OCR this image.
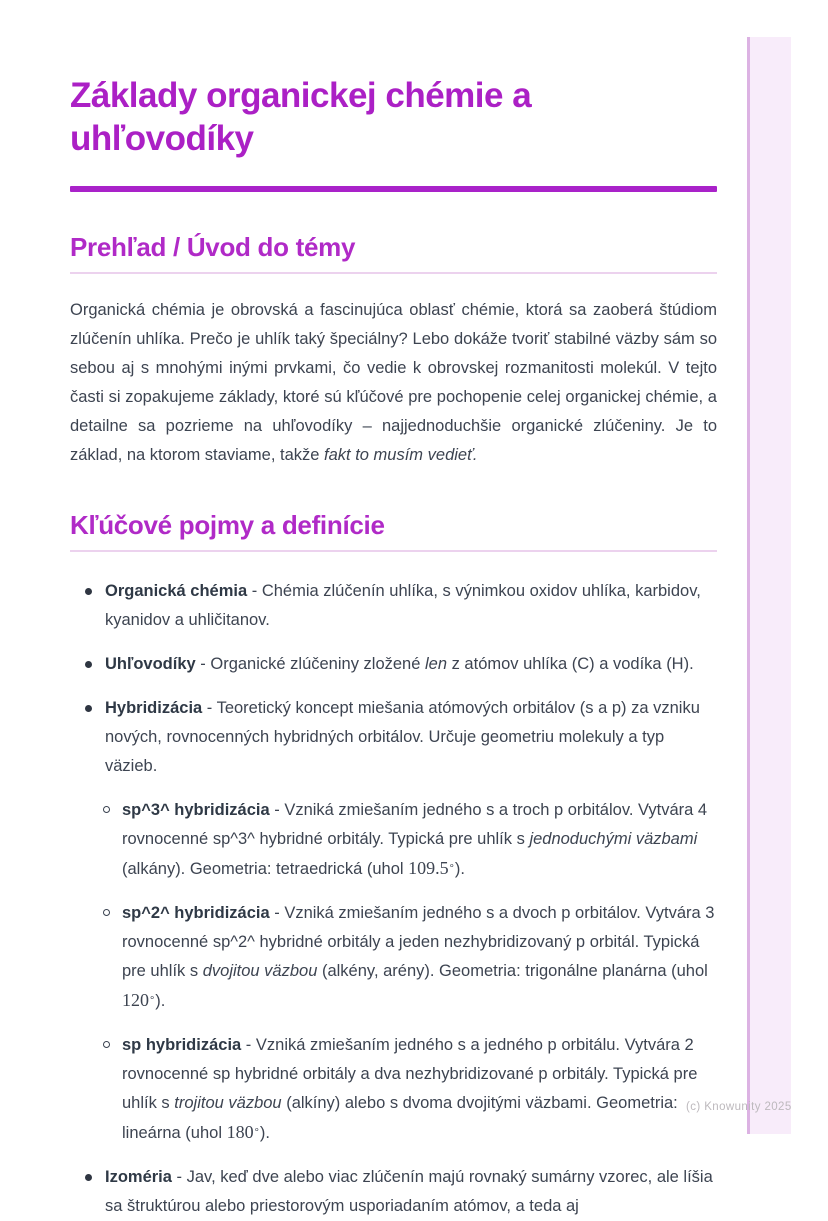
Základy organickej chémie a uhľovodíky
Prehľad / Úvod do témy

Organická chémia je obrovská a fascinujúca oblasť chémie, ktorá sa zaoberá štúdiom zlúčenín uhlíka. Prečo je uhlík taký špeciálny? Lebo dokáže tvoriť stabilné väzby sám so sebou aj s mnohými inými prvkami, čo vedie k obrovskej rozmanitosti molekúl. V tejto časti si zopakujeme základy, ktoré sú kľúčové pre pochopenie celej organickej chémie, a detailne sa pozrieme na uhľovodíky – najjednoduchšie organické zlúčeniny. Je to základ, na ktorom staviame, takže fakt to musím vedieť.

Kľúčové pojmy a definície
Organická chémia - Chémia zlúčenín uhlíka, s výnimkou oxidov uhlíka, karbidov, kyanidov a uhličitanov.
Uhľovodíky - Organické zlúčeniny zložené len z atómov uhlíka (C) a vodíka (H).
Hybridizácia - Teoretický koncept miešania atómových orbitálov (s a p) za vzniku nových, rovnocenných hybridných orbitálov. Určuje geometriu molekuly a typ väzieb.
sp^3^ hybridizácia - Vzniká zmiešaním jedného s a troch p orbitálov. Vytvára 4 rovnocenné sp^3^ hybridné orbitály. Typická pre uhlík s jednoduchými väzbami (alkány). Geometria: tetraedrická (uhol 109.5∘).
sp^2^ hybridizácia - Vzniká zmiešaním jedného s a dvoch p orbitálov. Vytvára 3 rovnocenné sp^2^ hybridné orbitály a jeden nezhybridizovaný p orbitál. Typická pre uhlík s dvojitou väzbou (alkény, arény). Geometria: trigonálne planárna (uhol 120∘).
sp hybridizácia - Vzniká zmiešaním jedného s a jedného p orbitálu. Vytvára 2 rovnocenné sp hybridné orbitály a dva nezhybridizované p orbitály. Typická pre uhlík s trojitou väzbou (alkíny) alebo s dvoma dvojitými väzbami. Geometria: lineárna (uhol 180∘).
Izoméria - Jav, keď dve alebo viac zlúčenín majú rovnaký sumárny vzorec, ale líšia sa štruktúrou alebo priestorovým usporiadaním atómov, a teda aj
(c) Knowunity 2025
